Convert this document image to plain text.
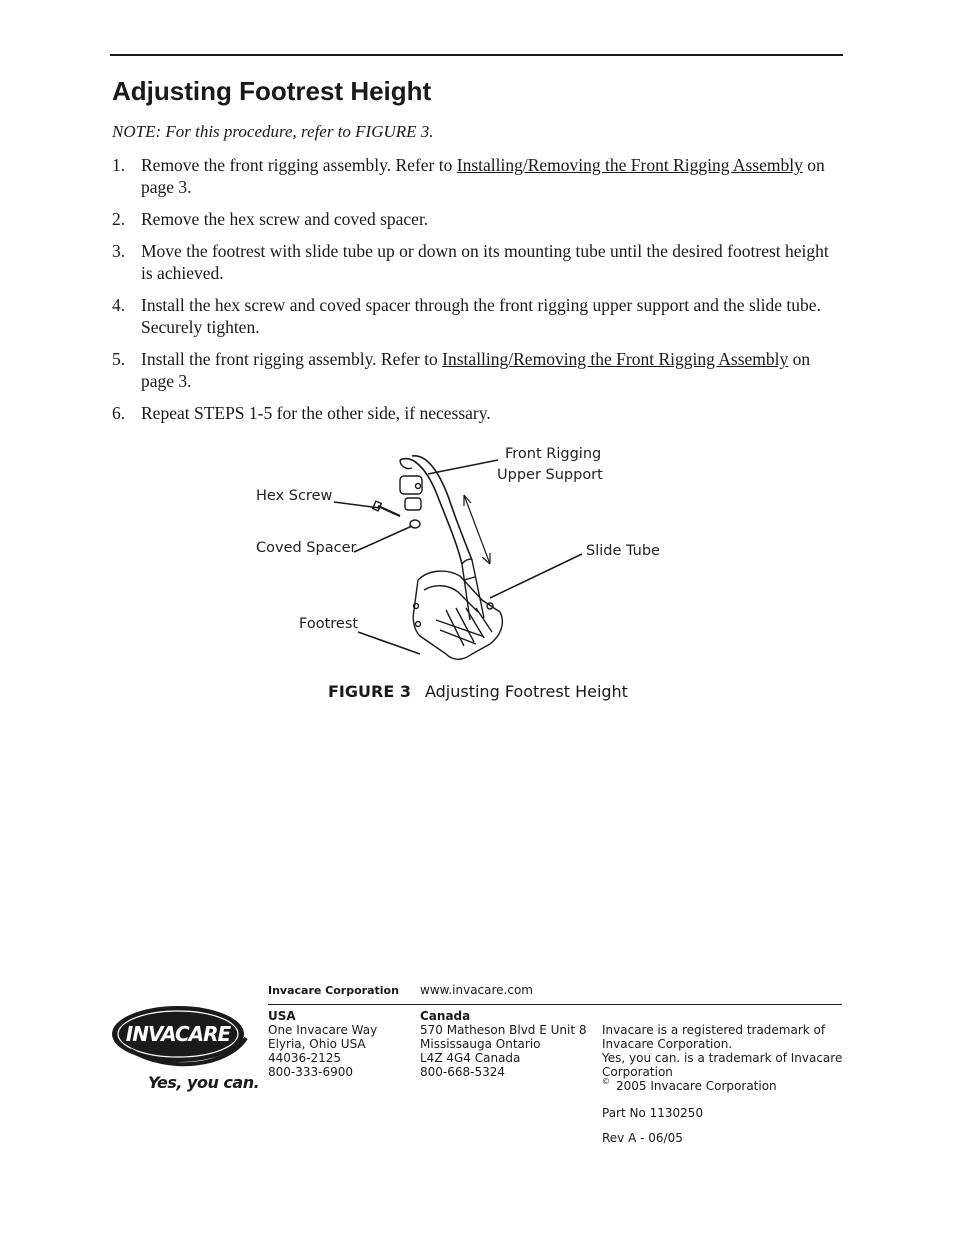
Adjusting Footrest Height
NOTE: For this procedure, refer to FIGURE 3.
1. Remove the front rigging assembly. Refer to Installing/Removing the Front Rigging Assembly on page 3.
2. Remove the hex screw and coved spacer.
3. Move the footrest with slide tube up or down on its mounting tube until the desired footrest height is achieved.
4. Install the hex screw and coved spacer through the front rigging upper support and the slide tube. Securely tighten.
5. Install the front rigging assembly. Refer to Installing/Removing the Front Rigging Assembly on page 3.
6. Repeat STEPS 1-5 for the other side, if necessary.
Front Rigging
Upper Support
Hex Screw
Coved Spacer	Slide Tube
Footrest
FIGURE 3 Adjusting Footrest Height
Invacare Corporation www.invacare.com
INVACARE
Yes, you can.
USA
One Invacare Way
Elyria, Ohio USA
44036-2125
800-333-6900
Canada
570 Matheson Blvd E Unit 8
Mississauga Ontario
L4Z 4G4 Canada
800-668-5324
Invacare is a registered trademark of
Invacare Corporation.
Yes, you can. is a trademark of Invacare
Corporation
© 2005 Invacare Corporation
Part No 1130250
Rev A - 06/05
